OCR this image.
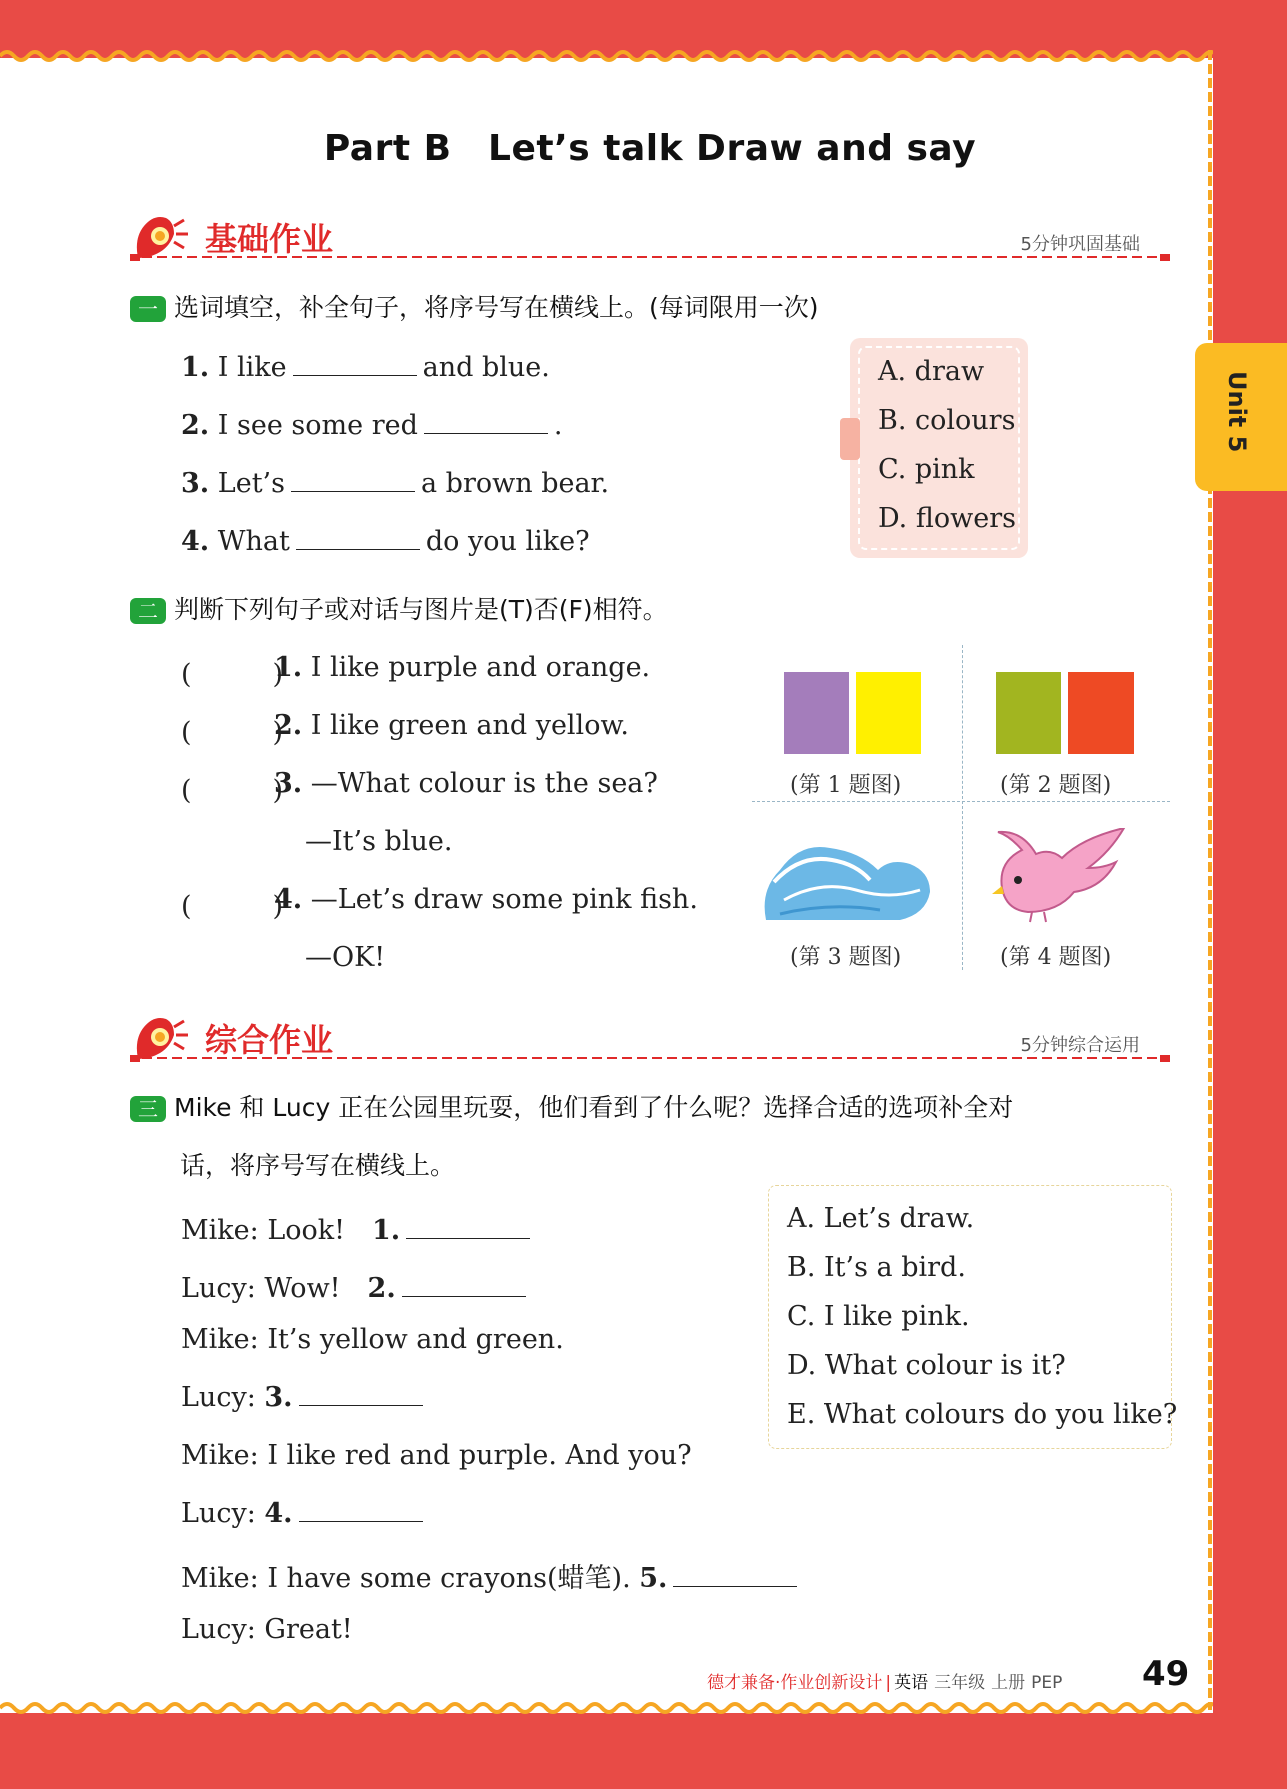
Unit 5
Part B　Let’s talk Draw and say
基础作业	5分钟巩固基础
一 选词填空，补全句子，将序号写在横线上。(每词限用一次)
1. I like	and blue.
2. I see some red	.
3. Let’s	a brown bear.
4. What	do you like?
A. draw
B. colours
C. pink
D. flowers
二 判断下列句子或对话与图片是(T)否(F)相符。
(　　　)
1. I like purple and orange.
(　　　)
2. I like green and yellow.
(　　　)
3. —What colour is the sea?
—It’s blue.
(　　　)
4. —Let’s draw some pink fish.
—OK!
(第 1 题图)	(第 2 题图)
(第 3 题图)	(第 4 题图)
综合作业	5分钟综合运用
三 Mike 和 Lucy 正在公园里玩耍，他们看到了什么呢？选择合适的选项补全对
话，将序号写在横线上。
Mike: Look!　 1.
Lucy: Wow!　 2.
Mike: It’s yellow and green.
Lucy: 3.
Mike: I like red and purple. And you?
Lucy: 4.
Mike: I have some crayons(蜡笔). 5.
Lucy: Great!
A. Let’s draw.
B. It’s a bird.
C. I like pink.
D. What colour is it?
E. What colours do you like?
德才兼备·作业创新设计 | 英语 三年级 上册 PEP 49
